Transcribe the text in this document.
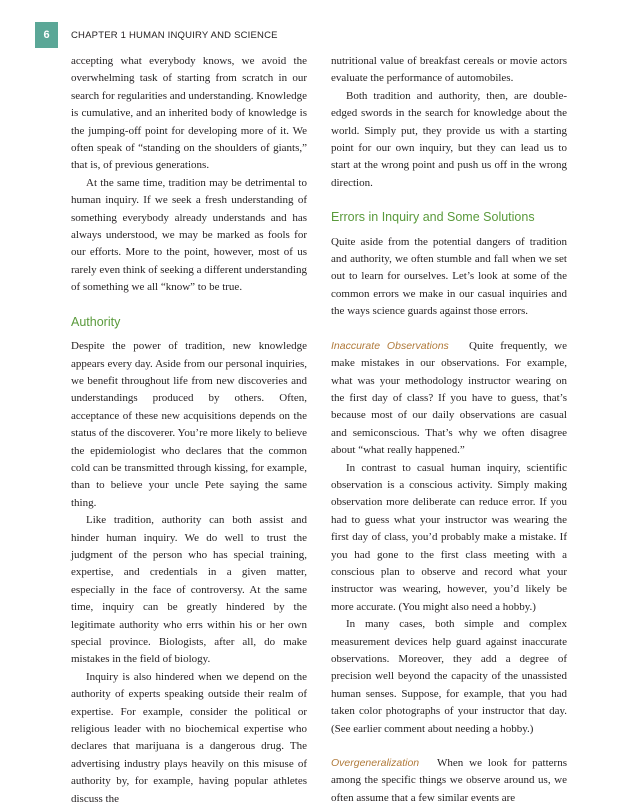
6 CHAPTER 1 HUMAN INQUIRY AND SCIENCE

accepting what everybody knows, we avoid the overwhelming task of starting from scratch in our search for regularities and understanding. Knowledge is cumulative, and an inherited body of knowledge is the jumping-off point for developing more of it. We often speak of “standing on the shoulders of giants,” that is, of previous generations.

At the same time, tradition may be detrimental to human inquiry. If we seek a fresh understanding of something everybody already understands and has always understood, we may be marked as fools for our efforts. More to the point, however, most of us rarely even think of seeking a different understanding of something we all “know” to be true.

Authority

Despite the power of tradition, new knowledge appears every day. Aside from our personal inquiries, we benefit throughout life from new discoveries and understandings produced by others. Often, acceptance of these new acquisitions depends on the status of the discoverer. You’re more likely to believe the epidemiologist who declares that the common cold can be transmitted through kissing, for example, than to believe your uncle Pete saying the same thing.

Like tradition, authority can both assist and hinder human inquiry. We do well to trust the judgment of the person who has special training, expertise, and credentials in a given matter, especially in the face of controversy. At the same time, inquiry can be greatly hindered by the legitimate authority who errs within his or her own special province. Biologists, after all, do make mistakes in the field of biology.

Inquiry is also hindered when we depend on the authority of experts speaking outside their realm of expertise. For example, consider the political or religious leader with no biochemical expertise who declares that marijuana is a dangerous drug. The advertising industry plays heavily on this misuse of authority by, for example, having popular athletes discuss the

nutritional value of breakfast cereals or movie actors evaluate the performance of automobiles.

Both tradition and authority, then, are double-edged swords in the search for knowledge about the world. Simply put, they provide us with a starting point for our own inquiry, but they can lead us to start at the wrong point and push us off in the wrong direction.

Errors in Inquiry and Some Solutions

Quite aside from the potential dangers of tradition and authority, we often stumble and fall when we set out to learn for ourselves. Let’s look at some of the common errors we make in our casual inquiries and the ways science guards against those errors.

Inaccurate Observations Quite frequently, we make mistakes in our observations. For example, what was your methodology instructor wearing on the first day of class? If you have to guess, that’s because most of our daily observations are casual and semiconscious. That’s why we often disagree about “what really happened.”

In contrast to casual human inquiry, scientific observation is a conscious activity. Simply making observation more deliberate can reduce error. If you had to guess what your instructor was wearing the first day of class, you’d probably make a mistake. If you had gone to the first class meeting with a conscious plan to observe and record what your instructor was wearing, however, you’d likely be more accurate. (You might also need a hobby.)

In many cases, both simple and complex measurement devices help guard against inaccurate observations. Moreover, they add a degree of precision well beyond the capacity of the unassisted human senses. Suppose, for example, that you had taken color photographs of your instructor that day. (See earlier comment about needing a hobby.)

Overgeneralization When we look for patterns among the specific things we observe around us, we often assume that a few similar events are
